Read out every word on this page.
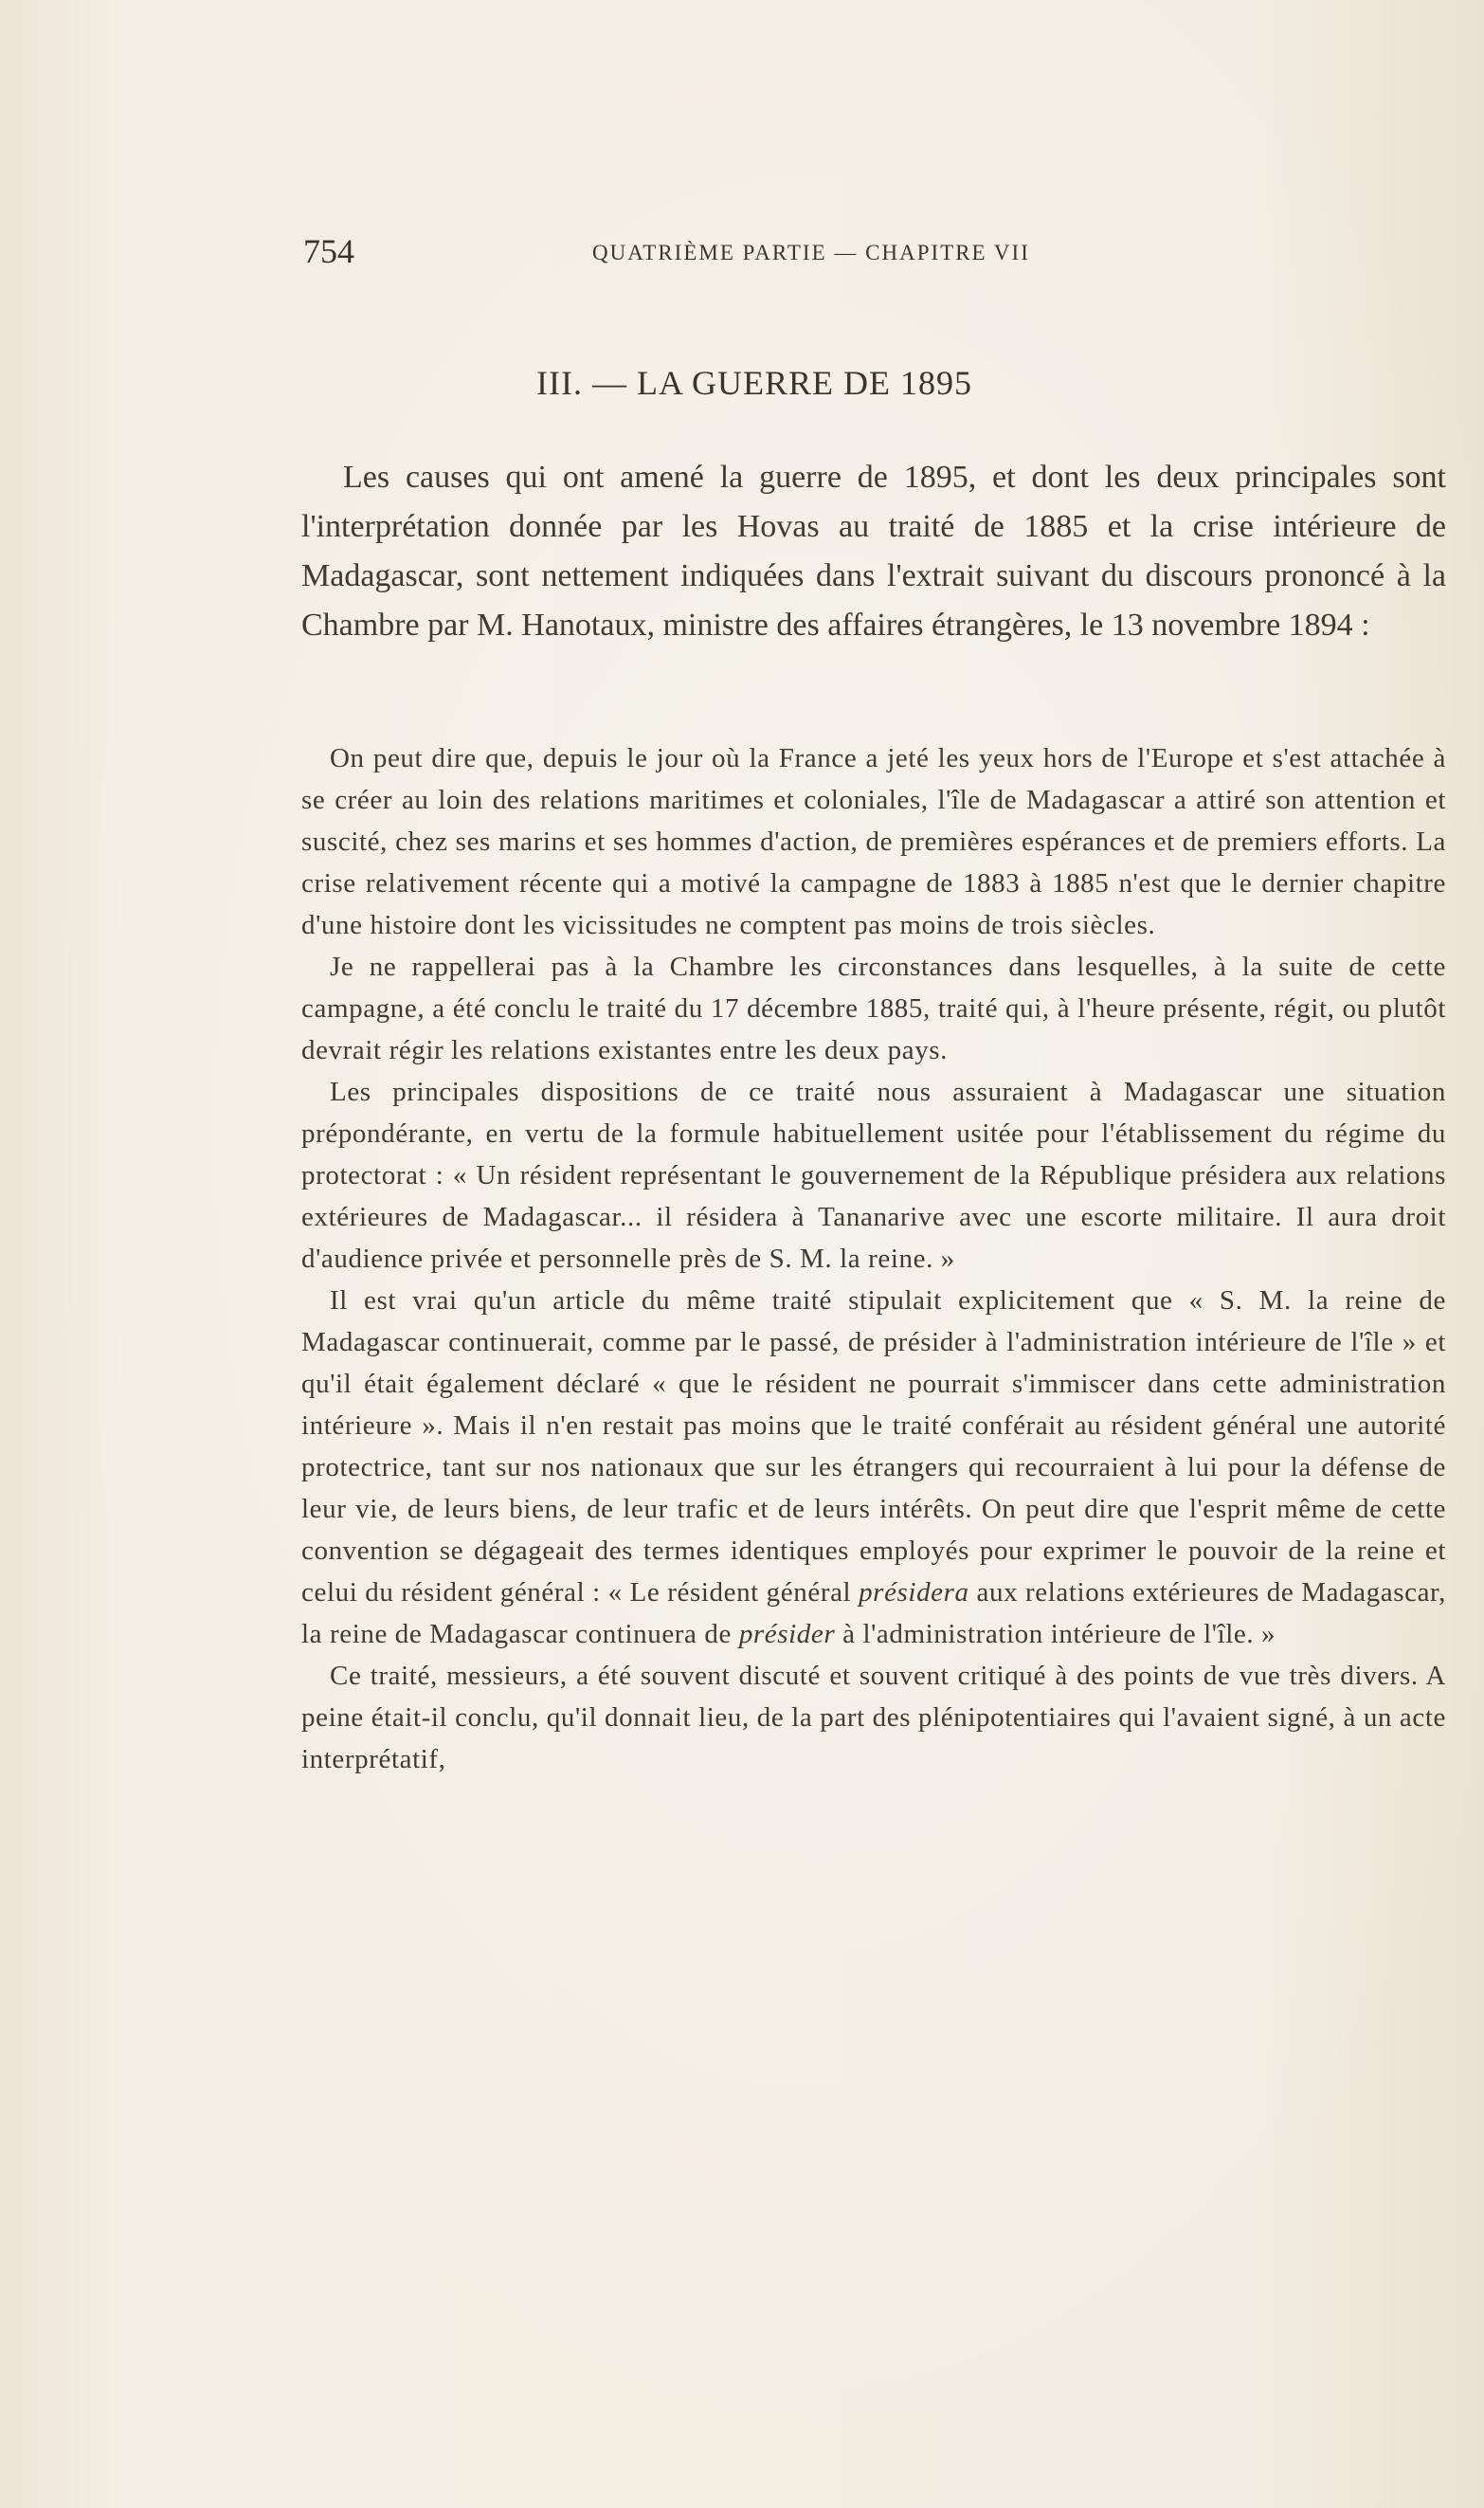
754	QUATRIÈME PARTIE — CHAPITRE VII
III. — LA GUERRE DE 1895

Les causes qui ont amené la guerre de 1895, et dont les deux principales sont l'interprétation donnée par les Hovas au traité de 1885 et la crise intérieure de Madagascar, sont nettement indiquées dans l'extrait suivant du discours prononcé à la Chambre par M. Hanotaux, ministre des affaires étrangères, le 13 novembre 1894 :

On peut dire que, depuis le jour où la France a jeté les yeux hors de l'Europe et s'est attachée à se créer au loin des relations maritimes et coloniales, l'île de Madagascar a attiré son attention et suscité, chez ses marins et ses hommes d'action, de premières espérances et de premiers efforts. La crise relativement récente qui a motivé la campagne de 1883 à 1885 n'est que le dernier chapitre d'une histoire dont les vicissitudes ne comptent pas moins de trois siècles.

Je ne rappellerai pas à la Chambre les circonstances dans lesquelles, à la suite de cette campagne, a été conclu le traité du 17 décembre 1885, traité qui, à l'heure présente, régit, ou plutôt devrait régir les relations existantes entre les deux pays.

Les principales dispositions de ce traité nous assuraient à Madagascar une situation prépondérante, en vertu de la formule habituellement usitée pour l'établissement du régime du protectorat : « Un résident représentant le gouvernement de la République présidera aux relations extérieures de Madagascar... il résidera à Tananarive avec une escorte militaire. Il aura droit d'audience privée et personnelle près de S. M. la reine. »

Il est vrai qu'un article du même traité stipulait explicitement que « S. M. la reine de Madagascar continuerait, comme par le passé, de présider à l'administration intérieure de l'île » et qu'il était également déclaré « que le résident ne pourrait s'immiscer dans cette administration intérieure ». Mais il n'en restait pas moins que le traité conférait au résident général une autorité protectrice, tant sur nos nationaux que sur les étrangers qui recourraient à lui pour la défense de leur vie, de leurs biens, de leur trafic et de leurs intérêts. On peut dire que l'esprit même de cette convention se dégageait des termes identiques employés pour exprimer le pouvoir de la reine et celui du résident général : « Le résident général présidera aux relations extérieures de Madagascar, la reine de Madagascar continuera de présider à l'administration intérieure de l'île. »

Ce traité, messieurs, a été souvent discuté et souvent critiqué à des points de vue très divers. A peine était-il conclu, qu'il donnait lieu, de la part des plénipotentiaires qui l'avaient signé, à un acte interprétatif,
